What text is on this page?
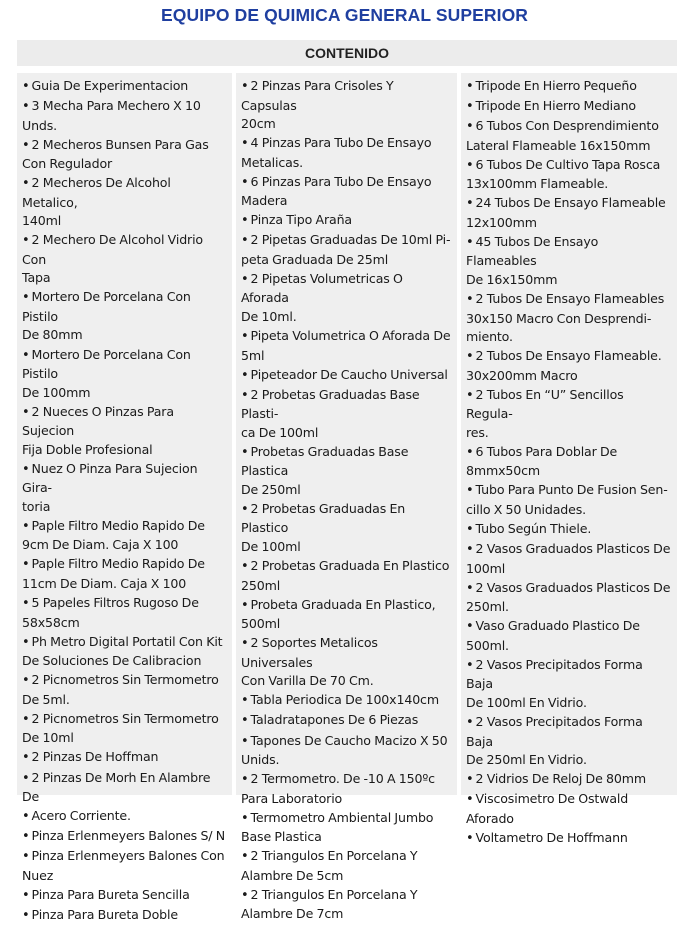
EQUIPO DE QUIMICA GENERAL SUPERIOR
CONTENIDO
• Guia De Experimentacion
• 3 Mecha Para Mechero X 10
Unds.
• 2 Mecheros Bunsen Para Gas
Con Regulador
• 2 Mecheros De Alcohol Metalico,
140ml
• 2 Mechero De Alcohol Vidrio Con
Tapa
• Mortero De Porcelana Con Pistilo
De 80mm
• Mortero De Porcelana Con Pistilo
De 100mm
• 2 Nueces O Pinzas Para Sujecion
Fija Doble Profesional
• Nuez O Pinza Para Sujecion Gira-
toria
• Paple Filtro Medio Rapido De
9cm De Diam. Caja X 100
• Paple Filtro Medio Rapido De
11cm De Diam. Caja X 100
• 5 Papeles Filtros Rugoso De
58x58cm
• Ph Metro Digital Portatil Con Kit
De Soluciones De Calibracion
• 2 Picnometros Sin Termometro
De 5ml.
• 2 Picnometros Sin Termometro
De 10ml
• 2 Pinzas De Hoffman
• 2 Pinzas De Morh En Alambre De
• Acero Corriente.
• Pinza Erlenmeyers Balones S/ N
• Pinza Erlenmeyers Balones Con
Nuez
• Pinza Para Bureta Sencilla
• Pinza Para Bureta Doble
• 2 Pinzas Para Crisoles Y Capsulas
20cm
• 4 Pinzas Para Tubo De Ensayo
Metalicas.
• 6 Pinzas Para Tubo De Ensayo
Madera
• Pinza Tipo Araña
• 2 Pipetas Graduadas De 10ml Pi-
peta Graduada De 25ml
• 2 Pipetas Volumetricas O Aforada
De 10ml.
• Pipeta Volumetrica O Aforada De
5ml
• Pipeteador De Caucho Universal
• 2 Probetas Graduadas Base Plasti-
ca De 100ml
• Probetas Graduadas Base Plastica
De 250ml
• 2 Probetas Graduadas En Plastico
De 100ml
• 2 Probetas Graduada En Plastico
250ml
• Probeta Graduada En Plastico,
500ml
• 2 Soportes Metalicos Universales
Con Varilla De 70 Cm.
• Tabla Periodica De 100x140cm
• Taladratapones De 6 Piezas
• Tapones De Caucho Macizo X 50
Unids.
• 2 Termometro. De -10 A 150ºc
Para Laboratorio
• Termometro Ambiental Jumbo
Base Plastica
• 2 Triangulos En Porcelana Y
Alambre De 5cm
• 2 Triangulos En Porcelana Y
Alambre De 7cm
• Tripode En Hierro Pequeño
• Tripode En Hierro Mediano
• 6 Tubos Con Desprendimiento
Lateral Flameable 16x150mm
• 6 Tubos De Cultivo Tapa Rosca
13x100mm Flameable.
• 24 Tubos De Ensayo Flameable
12x100mm
• 45 Tubos De Ensayo Flameables
De 16x150mm
• 2 Tubos De Ensayo Flameables
30x150 Macro Con Desprendi-
miento.
• 2 Tubos De Ensayo Flameable.
30x200mm Macro
• 2 Tubos En “U” Sencillos Regula-
res.
• 6 Tubos Para Doblar De
8mmx50cm
• Tubo Para Punto De Fusion Sen-
cillo X 50 Unidades.
• Tubo Según Thiele.
• 2 Vasos Graduados Plasticos De
100ml
• 2 Vasos Graduados Plasticos De
250ml.
• Vaso Graduado Plastico De
500ml.
• 2 Vasos Precipitados Forma Baja
De 100ml En Vidrio.
• 2 Vasos Precipitados Forma Baja
De 250ml En Vidrio.
• 2 Vidrios De Reloj De 80mm
• Viscosimetro De Ostwald Aforado
• Voltametro De Hoffmann
